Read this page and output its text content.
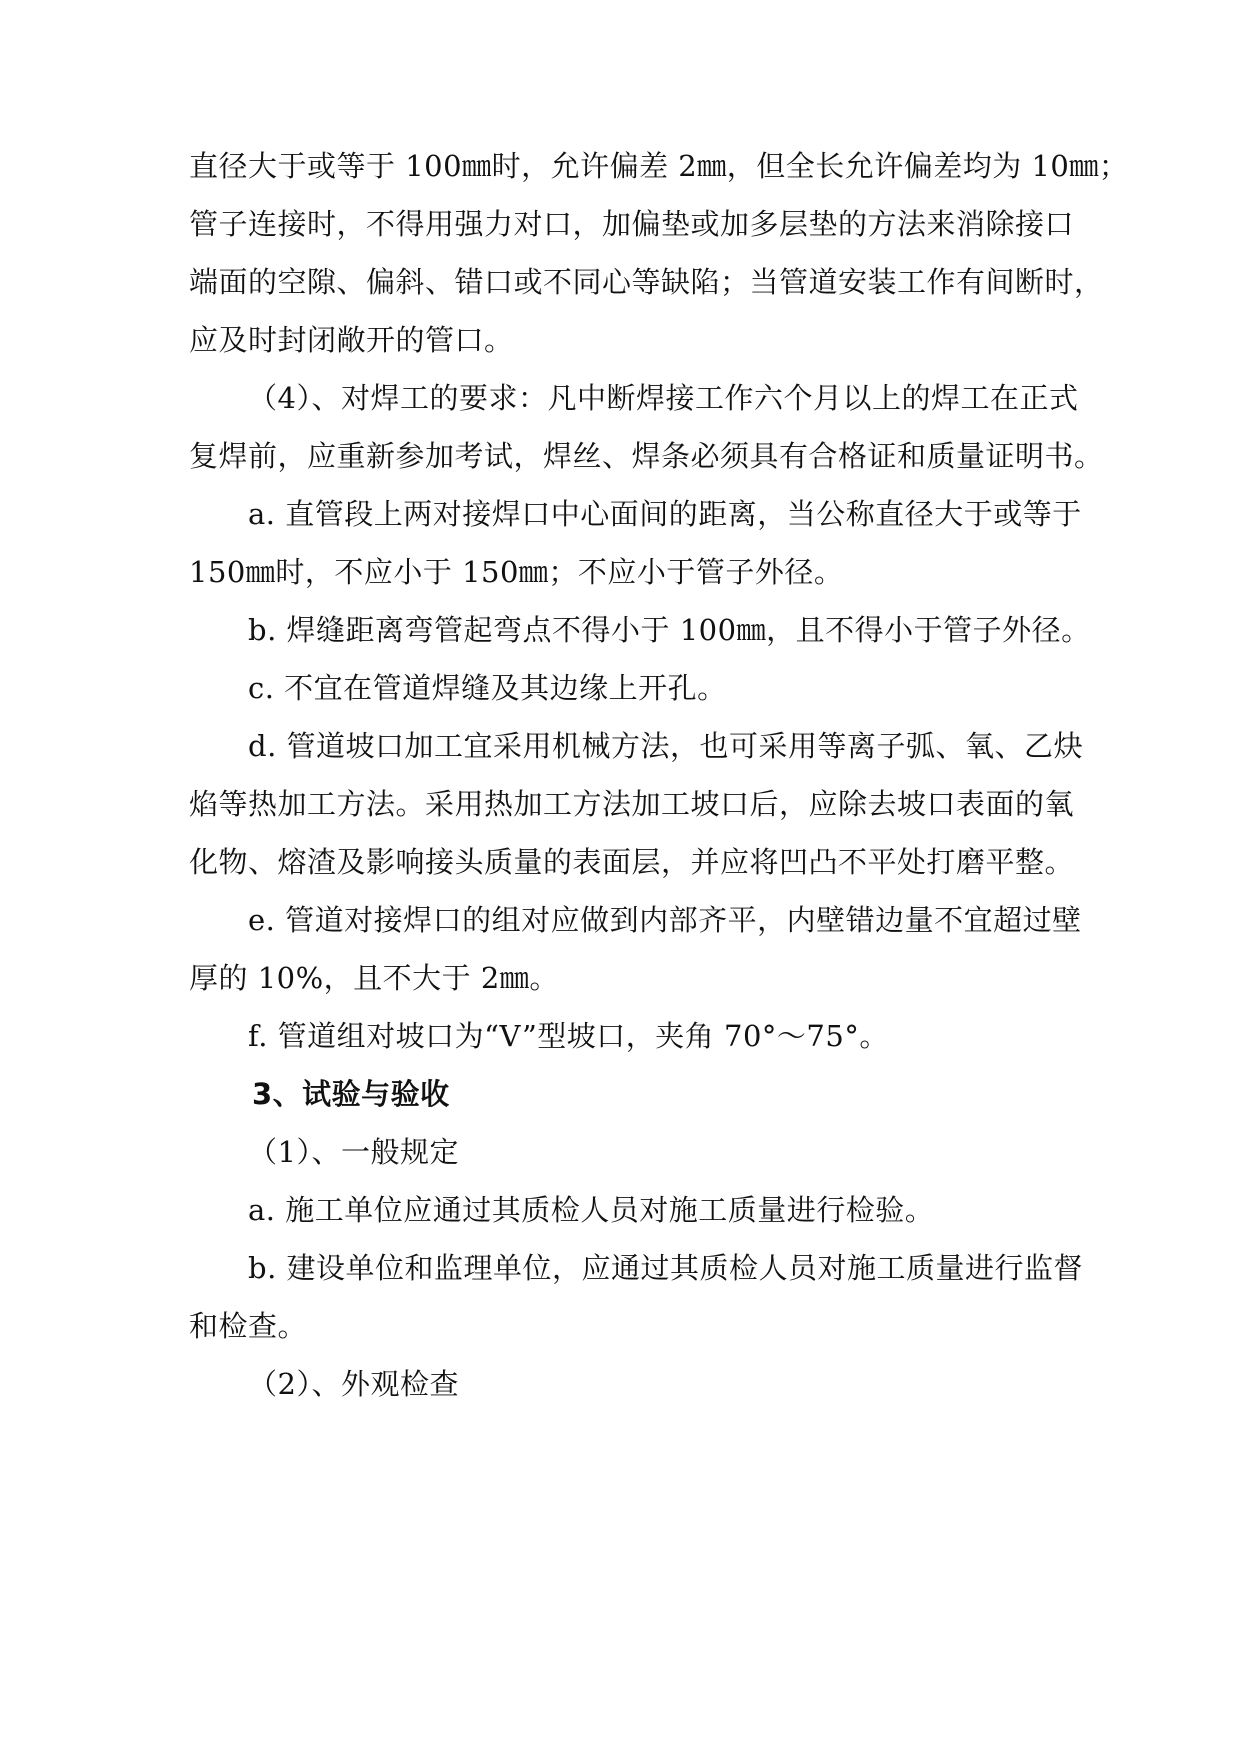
直径大于或等于 100㎜时，允许偏差 2㎜，但全长允许偏差均为 10㎜；
管子连接时，不得用强力对口，加偏垫或加多层垫的方法来消除接口
端面的空隙、偏斜、错口或不同心等缺陷；当管道安装工作有间断时，
应及时封闭敞开的管口。
（4）、对焊工的要求：凡中断焊接工作六个月以上的焊工在正式
复焊前，应重新参加考试，焊丝、焊条必须具有合格证和质量证明书。
a. 直管段上两对接焊口中心面间的距离，当公称直径大于或等于
150㎜时，不应小于 150㎜；不应小于管子外径。
b. 焊缝距离弯管起弯点不得小于 100㎜，且不得小于管子外径。
c. 不宜在管道焊缝及其边缘上开孔。
d. 管道坡口加工宜采用机械方法，也可采用等离子弧、氧、乙炔
焰等热加工方法。采用热加工方法加工坡口后，应除去坡口表面的氧
化物、熔渣及影响接头质量的表面层，并应将凹凸不平处打磨平整。
e. 管道对接焊口的组对应做到内部齐平，内壁错边量不宜超过壁
厚的 10%，且不大于 2㎜。
f. 管道组对坡口为“V”型坡口，夹角 70°～75°。
3、试验与验收
（1）、一般规定
a. 施工单位应通过其质检人员对施工质量进行检验。
b. 建设单位和监理单位，应通过其质检人员对施工质量进行监督
和检查。
（2）、外观检查
